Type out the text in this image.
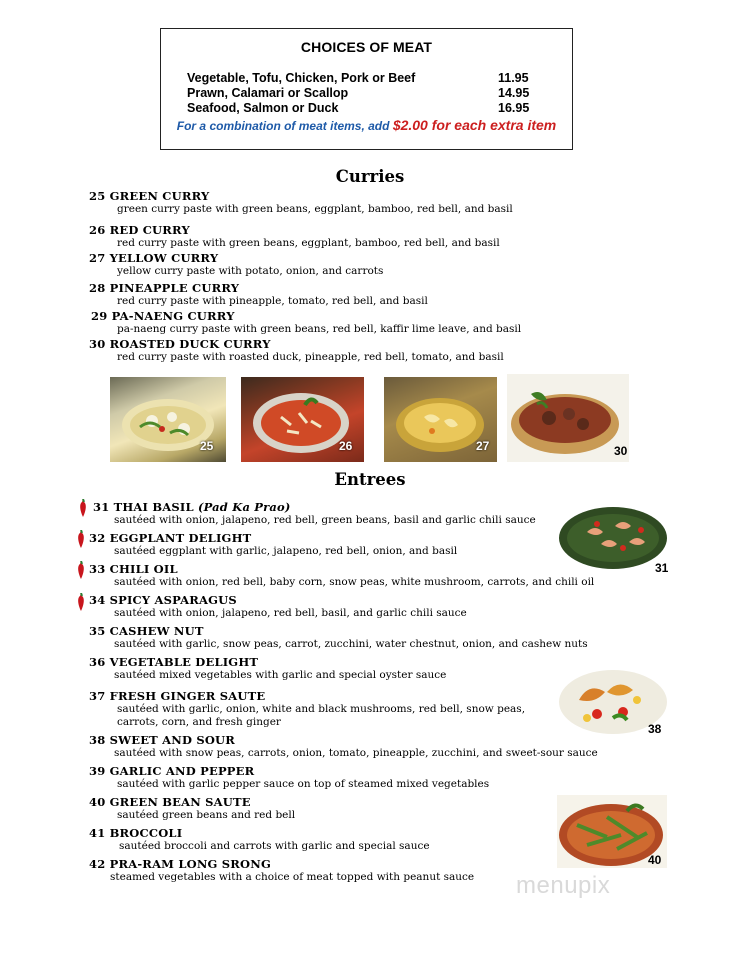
CHOICES OF MEAT
Vegetable, Tofu, Chicken, Pork or Beef	11.95
Prawn, Calamari or Scallop	14.95
Seafood, Salmon or Duck	16.95
For a combination of meat items, add $2.00 for each extra item
Curries
25 GREEN CURRY
green curry paste with green beans, eggplant, bamboo, red bell, and basil
26 RED CURRY
red curry paste with green beans, eggplant, bamboo, red bell, and basil
27 YELLOW CURRY
yellow curry paste with potato, onion, and carrots
28 PINEAPPLE CURRY
red curry paste with pineapple, tomato, red bell, and basil
29 PA-NAENG CURRY
pa-naeng curry paste with green beans, red bell, kaffir lime leave, and basil
30 ROASTED DUCK CURRY
red curry paste with roasted duck, pineapple, red bell, tomato, and basil
25	26	27	30
Entrees
31 THAI BASIL (Pad Ka Prao)
sautéed with onion, jalapeno, red bell, green beans, basil and garlic chili sauce
32 EGGPLANT DELIGHT
sautéed eggplant with garlic, jalapeno, red bell, onion, and basil
33 CHILI OIL
sautéed with onion, red bell, baby corn, snow peas, white mushroom, carrots, and chili oil
34 SPICY ASPARAGUS
sautéed with onion, jalapeno, red bell, basil, and garlic chili sauce
35 CASHEW NUT
sautéed with garlic, snow peas, carrot, zucchini, water chestnut, onion, and cashew nuts
36 VEGETABLE DELIGHT
sautéed mixed vegetables with garlic and special oyster sauce
37 FRESH GINGER SAUTE
sautéed with garlic, onion, white and black mushrooms, red bell, snow peas,
carrots, corn, and fresh ginger
38 SWEET AND SOUR
sautéed with snow peas, carrots, onion, tomato, pineapple, zucchini, and sweet-sour sauce
39 GARLIC AND PEPPER
sautéed with garlic pepper sauce on top of steamed mixed vegetables
40 GREEN BEAN SAUTE
sautéed green beans and red bell
41 BROCCOLI
sautéed broccoli and carrots with garlic and special sauce
42 PRA-RAM LONG SRONG
steamed vegetables with a choice of meat topped with peanut sauce
31
38
40
menupix
